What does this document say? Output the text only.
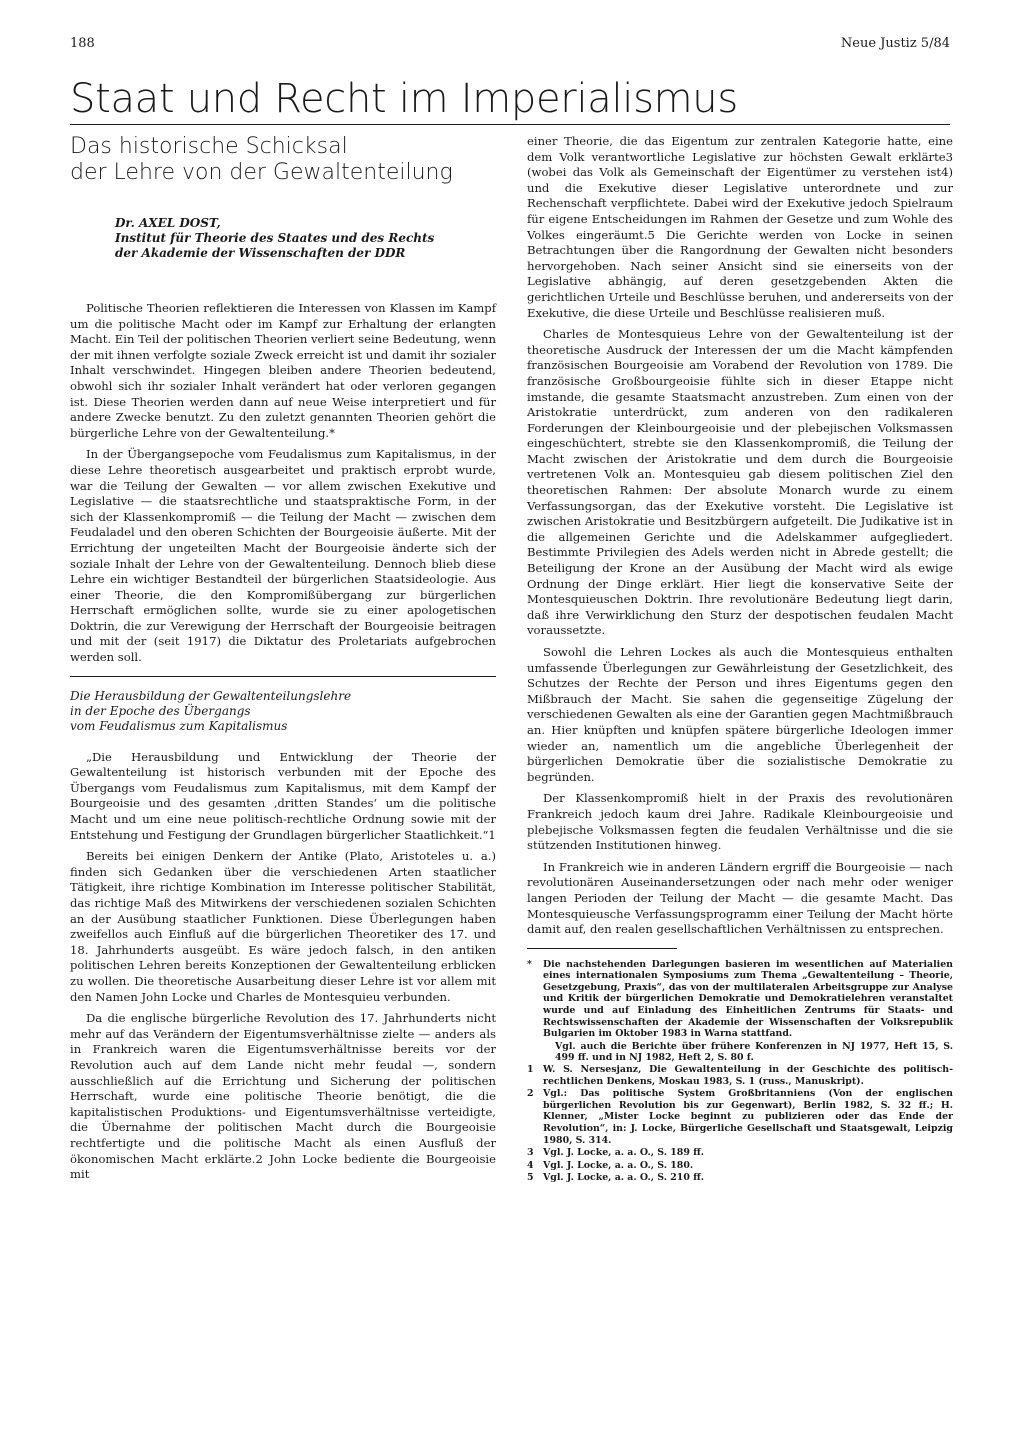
188	Neue Justiz 5/84
Staat und Recht im Imperialismus
Das historische Schicksal
der Lehre von der Gewaltenteilung
Dr. AXEL DOST,
Institut für Theorie des Staates und des Rechts
der Akademie der Wissenschaften der DDR

Politische Theorien reflektieren die Interessen von Klassen im Kampf um die politische Macht oder im Kampf zur Erhaltung der erlangten Macht. Ein Teil der politischen Theorien verliert seine Bedeutung, wenn der mit ihnen verfolgte soziale Zweck erreicht ist und damit ihr sozialer Inhalt verschwindet. Hingegen bleiben andere Theorien bedeutend, obwohl sich ihr sozialer Inhalt verändert hat oder verloren gegangen ist. Diese Theorien werden dann auf neue Weise interpretiert und für andere Zwecke benutzt. Zu den zuletzt genannten Theorien gehört die bürgerliche Lehre von der Gewaltenteilung.*

In der Übergangsepoche vom Feudalismus zum Kapitalismus, in der diese Lehre theoretisch ausgearbeitet und praktisch erprobt wurde, war die Teilung der Gewalten — vor allem zwischen Exekutive und Legislative — die staatsrechtliche und staatspraktische Form, in der sich der Klassenkompromiß — die Teilung der Macht — zwischen dem Feudaladel und den oberen Schichten der Bourgeoisie äußerte. Mit der Errichtung der ungeteilten Macht der Bourgeoisie änderte sich der soziale Inhalt der Lehre von der Gewaltenteilung. Dennoch blieb diese Lehre ein wichtiger Bestandteil der bürgerlichen Staatsideologie. Aus einer Theorie, die den Kompromißübergang zur bürgerlichen Herrschaft ermöglichen sollte, wurde sie zu einer apologetischen Doktrin, die zur Verewigung der Herrschaft der Bourgeoisie beitragen und mit der (seit 1917) die Diktatur des Proletariats aufgebrochen werden soll.

Die Herausbildung der Gewaltenteilungslehre
in der Epoche des Übergangs
vom Feudalismus zum Kapitalismus

„Die Herausbildung und Entwicklung der Theorie der Gewaltenteilung ist historisch verbunden mit der Epoche des Übergangs vom Feudalismus zum Kapitalismus, mit dem Kampf der Bourgeoisie und des gesamten ‚dritten Standes‘ um die politische Macht und um eine neue politisch-rechtliche Ordnung sowie mit der Entstehung und Festigung der Grundlagen bürgerlicher Staatlichkeit.“1

Bereits bei einigen Denkern der Antike (Plato, Aristoteles u. a.) finden sich Gedanken über die verschiedenen Arten staatlicher Tätigkeit, ihre richtige Kombination im Interesse politischer Stabilität, das richtige Maß des Mitwirkens der verschiedenen sozialen Schichten an der Ausübung staatlicher Funktionen. Diese Überlegungen haben zweifellos auch Einfluß auf die bürgerlichen Theoretiker des 17. und 18. Jahrhunderts ausgeübt. Es wäre jedoch falsch, in den antiken politischen Lehren bereits Konzeptionen der Gewaltenteilung erblicken zu wollen. Die theoretische Ausarbeitung dieser Lehre ist vor allem mit den Namen John Locke und Charles de Montesquieu verbunden.

Da die englische bürgerliche Revolution des 17. Jahrhunderts nicht mehr auf das Verändern der Eigentumsverhältnisse zielte — anders als in Frankreich waren die Eigentumsverhältnisse bereits vor der Revolution auch auf dem Lande nicht mehr feudal —, sondern ausschließlich auf die Errichtung und Sicherung der politischen Herrschaft, wurde eine politische Theorie benötigt, die die kapitalistischen Produktions- und Eigentumsverhältnisse verteidigte, die Übernahme der politischen Macht durch die Bourgeoisie rechtfertigte und die politische Macht als einen Ausfluß der ökonomischen Macht erklärte.2 John Locke bediente die Bourgeoisie mit

einer Theorie, die das Eigentum zur zentralen Kategorie hatte, eine dem Volk verantwortliche Legislative zur höchsten Gewalt erklärte3 (wobei das Volk als Gemeinschaft der Eigentümer zu verstehen ist4) und die Exekutive dieser Legislative unterordnete und zur Rechenschaft verpflichtete. Dabei wird der Exekutive jedoch Spielraum für eigene Entscheidungen im Rahmen der Gesetze und zum Wohle des Volkes eingeräumt.5 Die Gerichte werden von Locke in seinen Betrachtungen über die Rangordnung der Gewalten nicht besonders hervorgehoben. Nach seiner Ansicht sind sie einerseits von der Legislative abhängig, auf deren gesetzgebenden Akten die gerichtlichen Urteile und Beschlüsse beruhen, und andererseits von der Exekutive, die diese Urteile und Beschlüsse realisieren muß.

Charles de Montesquieus Lehre von der Gewaltenteilung ist der theoretische Ausdruck der Interessen der um die Macht kämpfenden französischen Bourgeoisie am Vorabend der Revolution von 1789. Die französische Großbourgeoisie fühlte sich in dieser Etappe nicht imstande, die gesamte Staatsmacht anzustreben. Zum einen von der Aristokratie unterdrückt, zum anderen von den radikaleren Forderungen der Kleinbourgeoisie und der plebejischen Volksmassen eingeschüchtert, strebte sie den Klassenkompromiß, die Teilung der Macht zwischen der Aristokratie und dem durch die Bourgeoisie vertretenen Volk an. Montesquieu gab diesem politischen Ziel den theoretischen Rahmen: Der absolute Monarch wurde zu einem Verfassungsorgan, das der Exekutive vorsteht. Die Legislative ist zwischen Aristokratie und Besitzbürgern aufgeteilt. Die Judikative ist in die allgemeinen Gerichte und die Adelskammer aufgegliedert. Bestimmte Privilegien des Adels werden nicht in Abrede gestellt; die Beteiligung der Krone an der Ausübung der Macht wird als ewige Ordnung der Dinge erklärt. Hier liegt die konservative Seite der Montesquieuschen Doktrin. Ihre revolutionäre Bedeutung liegt darin, daß ihre Verwirklichung den Sturz der despotischen feudalen Macht voraussetzte.

Sowohl die Lehren Lockes als auch die Montesquieus enthalten umfassende Überlegungen zur Gewährleistung der Gesetzlichkeit, des Schutzes der Rechte der Person und ihres Eigentums gegen den Mißbrauch der Macht. Sie sahen die gegenseitige Zügelung der verschiedenen Gewalten als eine der Garantien gegen Machtmißbrauch an. Hier knüpften und knüpfen spätere bürgerliche Ideologen immer wieder an, namentlich um die angebliche Überlegenheit der bürgerlichen Demokratie über die sozialistische Demokratie zu begründen.

Der Klassenkompromiß hielt in der Praxis des revolutionären Frankreich jedoch kaum drei Jahre. Radikale Kleinbourgeoisie und plebejische Volksmassen fegten die feudalen Verhältnisse und die sie stützenden Institutionen hinweg.

In Frankreich wie in anderen Ländern ergriff die Bourgeoisie — nach revolutionären Auseinandersetzungen oder nach mehr oder weniger langen Perioden der Teilung der Macht — die gesamte Macht. Das Montesquieusche Verfassungsprogramm einer Teilung der Macht hörte damit auf, den realen gesellschaftlichen Verhältnissen zu entsprechen.

*	Die nachstehenden Darlegungen basieren im wesentlichen auf Materialien eines internationalen Symposiums zum Thema „Gewaltenteilung – Theorie, Gesetzgebung, Praxis“, das von der multilateralen Arbeitsgruppe zur Analyse und Kritik der bürgerlichen Demokratie und Demokratielehren veranstaltet wurde und auf Einladung des Einheitlichen Zentrums für Staats- und Rechtswissenschaften der Akademie der Wissenschaften der Volksrepublik Bulgarien im Oktober 1983 in Warna stattfand.
Vgl. auch die Berichte über frühere Konferenzen in NJ 1977, Heft 15, S. 499 ff. und in NJ 1982, Heft 2, S. 80 f.
1	W. S. Nersesjanz, Die Gewaltenteilung in der Geschichte des politisch-rechtlichen Denkens, Moskau 1983, S. 1 (russ., Manuskript).
2	Vgl.: Das politische System Großbritanniens (Von der englischen bürgerlichen Revolution bis zur Gegenwart), Berlin 1982, S. 32 ff.; H. Klenner, „Mister Locke beginnt zu publizieren oder das Ende der Revolution“, in: J. Locke, Bürgerliche Gesellschaft und Staatsgewalt, Leipzig 1980, S. 314.
3	Vgl. J. Locke, a. a. O., S. 189 ff.
4	Vgl. J. Locke, a. a. O., S. 180.
5	Vgl. J. Locke, a. a. O., S. 210 ff.
